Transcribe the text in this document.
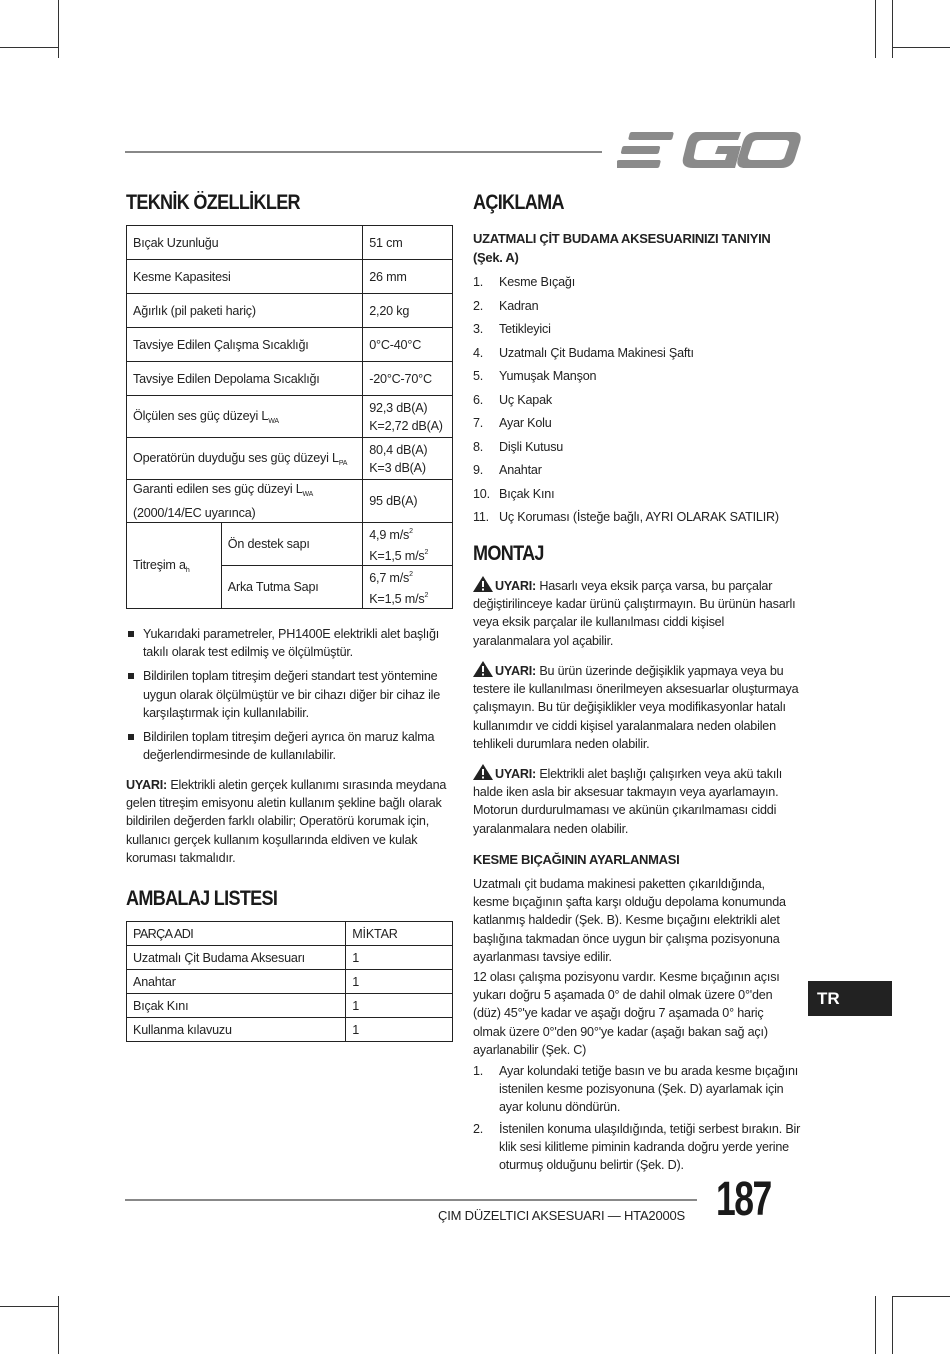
TEKNİK ÖZELLİKLER
Bıçak Uzunluğu		51 cm
Kesme Kapasitesi		26 mm
Ağırlık (pil paketi hariç)		2,20 kg
Tavsiye Edilen Çalışma Sıcaklığı		0°C-40°C
Tavsiye Edilen Depolama Sıcaklığı		-20°C-70°C
Ölçülen ses güç düzeyi $L_{WA}$		92,3 dB(A)
K=2,72 dB(A)

Operatörün duyduğu ses güç düzeyi $L_{PA}$		80,4 dB(A)
K=3 dB(A)

Garanti edilen ses güç düzeyi $L_{WA}$
(2000/14/EC uyarınca)		95 dB(A)
Titreşim $a_h$	Ön destek sapı	4,9 $m/s^2$
K=1,5 $m/s^2$

	Arka Tutma Sapı	6,7 $m/s^2$
K=1,5 $m/s^2$
Yukarıdaki parametreler, PH1400E elektrikli alet başlığı takılı olarak test edilmiş ve ölçülmüştür.
Bildirilen toplam titreşim değeri standart test yöntemine uygun olarak ölçülmüştür ve bir cihazı diğer bir cihaz ile karşılaştırmak için kullanılabilir.
Bildirilen toplam titreşim değeri ayrıca ön maruz kalma değerlendirmesinde de kullanılabilir.
UYARI: Elektrikli aletin gerçek kullanımı sırasında meydana gelen titreşim emisyonu aletin kullanım şekline bağlı olarak bildirilen değerden farklı olabilir; Operatörü korumak için, kullanıcı gerçek kullanım koşullarında eldiven ve kulak koruması takmalıdır.
AMBALAJ LISTESI
PARÇA ADI	MİKTAR
Uzatmalı Çit Budama Aksesuarı	1
Anahtar	1
Bıçak Kını	1
Kullanma kılavuzu	1
AÇIKLAMA
UZATMALI ÇİT BUDAMA AKSESUARINIZI TANIYIN (Şek. A)
1. Kesme Bıçağı
2. Kadran
3. Tetikleyici
4. Uzatmalı Çit Budama Makinesi Şaftı
5. Yumuşak Manşon
6. Uç Kapak
7. Ayar Kolu
8. Dişli Kutusu
9. Anahtar
10. Bıçak Kını
11. Uç Koruması (İsteğe bağlı, AYRI OLARAK SATILIR)
MONTAJ
UYARI: Hasarlı veya eksik parça varsa, bu parçalar değiştirilinceye kadar ürünü çalıştırmayın. Bu ürünün hasarlı veya eksik parçalar ile kullanılması ciddi kişisel yaralanmalara yol açabilir.
UYARI: Bu ürün üzerinde değişiklik yapmaya veya bu testere ile kullanılması önerilmeyen aksesuarlar oluşturmaya çalışmayın. Bu tür değişiklikler veya modifikasyonlar hatalı kullanımdır ve ciddi kişisel yaralanmalara neden olabilen tehlikeli durumlara neden olabilir.
UYARI: Elektrikli alet başlığı çalışırken veya akü takılı halde iken asla bir aksesuar takmayın veya ayarlamayın. Motorun durdurulmaması ve akünün çıkarılmaması ciddi yaralanmalara neden olabilir.
KESME BIÇAĞININ AYARLANMASI
Uzatmalı çit budama makinesi paketten çıkarıldığında, kesme bıçağının şafta karşı olduğu depolama konumunda katlanmış haldedir (Şek. B). Kesme bıçağını elektrikli alet başlığına takmadan önce uygun bir çalışma pozisyonuna ayarlanması tavsiye edilir.
12 olası çalışma pozisyonu vardır. Kesme bıçağının açısı yukarı doğru 5 aşamada 0° de dahil olmak üzere 0°'den (düz) 45°'ye kadar ve aşağı doğru 7 aşamada 0° hariç olmak üzere 0°'den 90°'ye kadar (aşağı bakan sağ açı) ayarlanabilir (Şek. C)
1. Ayar kolundaki tetiğe basın ve bu arada kesme bıçağını istenilen kesme pozisyonuna (Şek. D) ayarlamak için ayar kolunu döndürün.
2. İstenilen konuma ulaşıldığında, tetiği serbest bırakın. Bir klik sesi kilitleme piminin kadranda doğru yerde yerine oturmuş olduğunu belirtir (Şek. D).
TR
ÇIM DÜZELTICI AKSESUARI — HTA2000S 187
